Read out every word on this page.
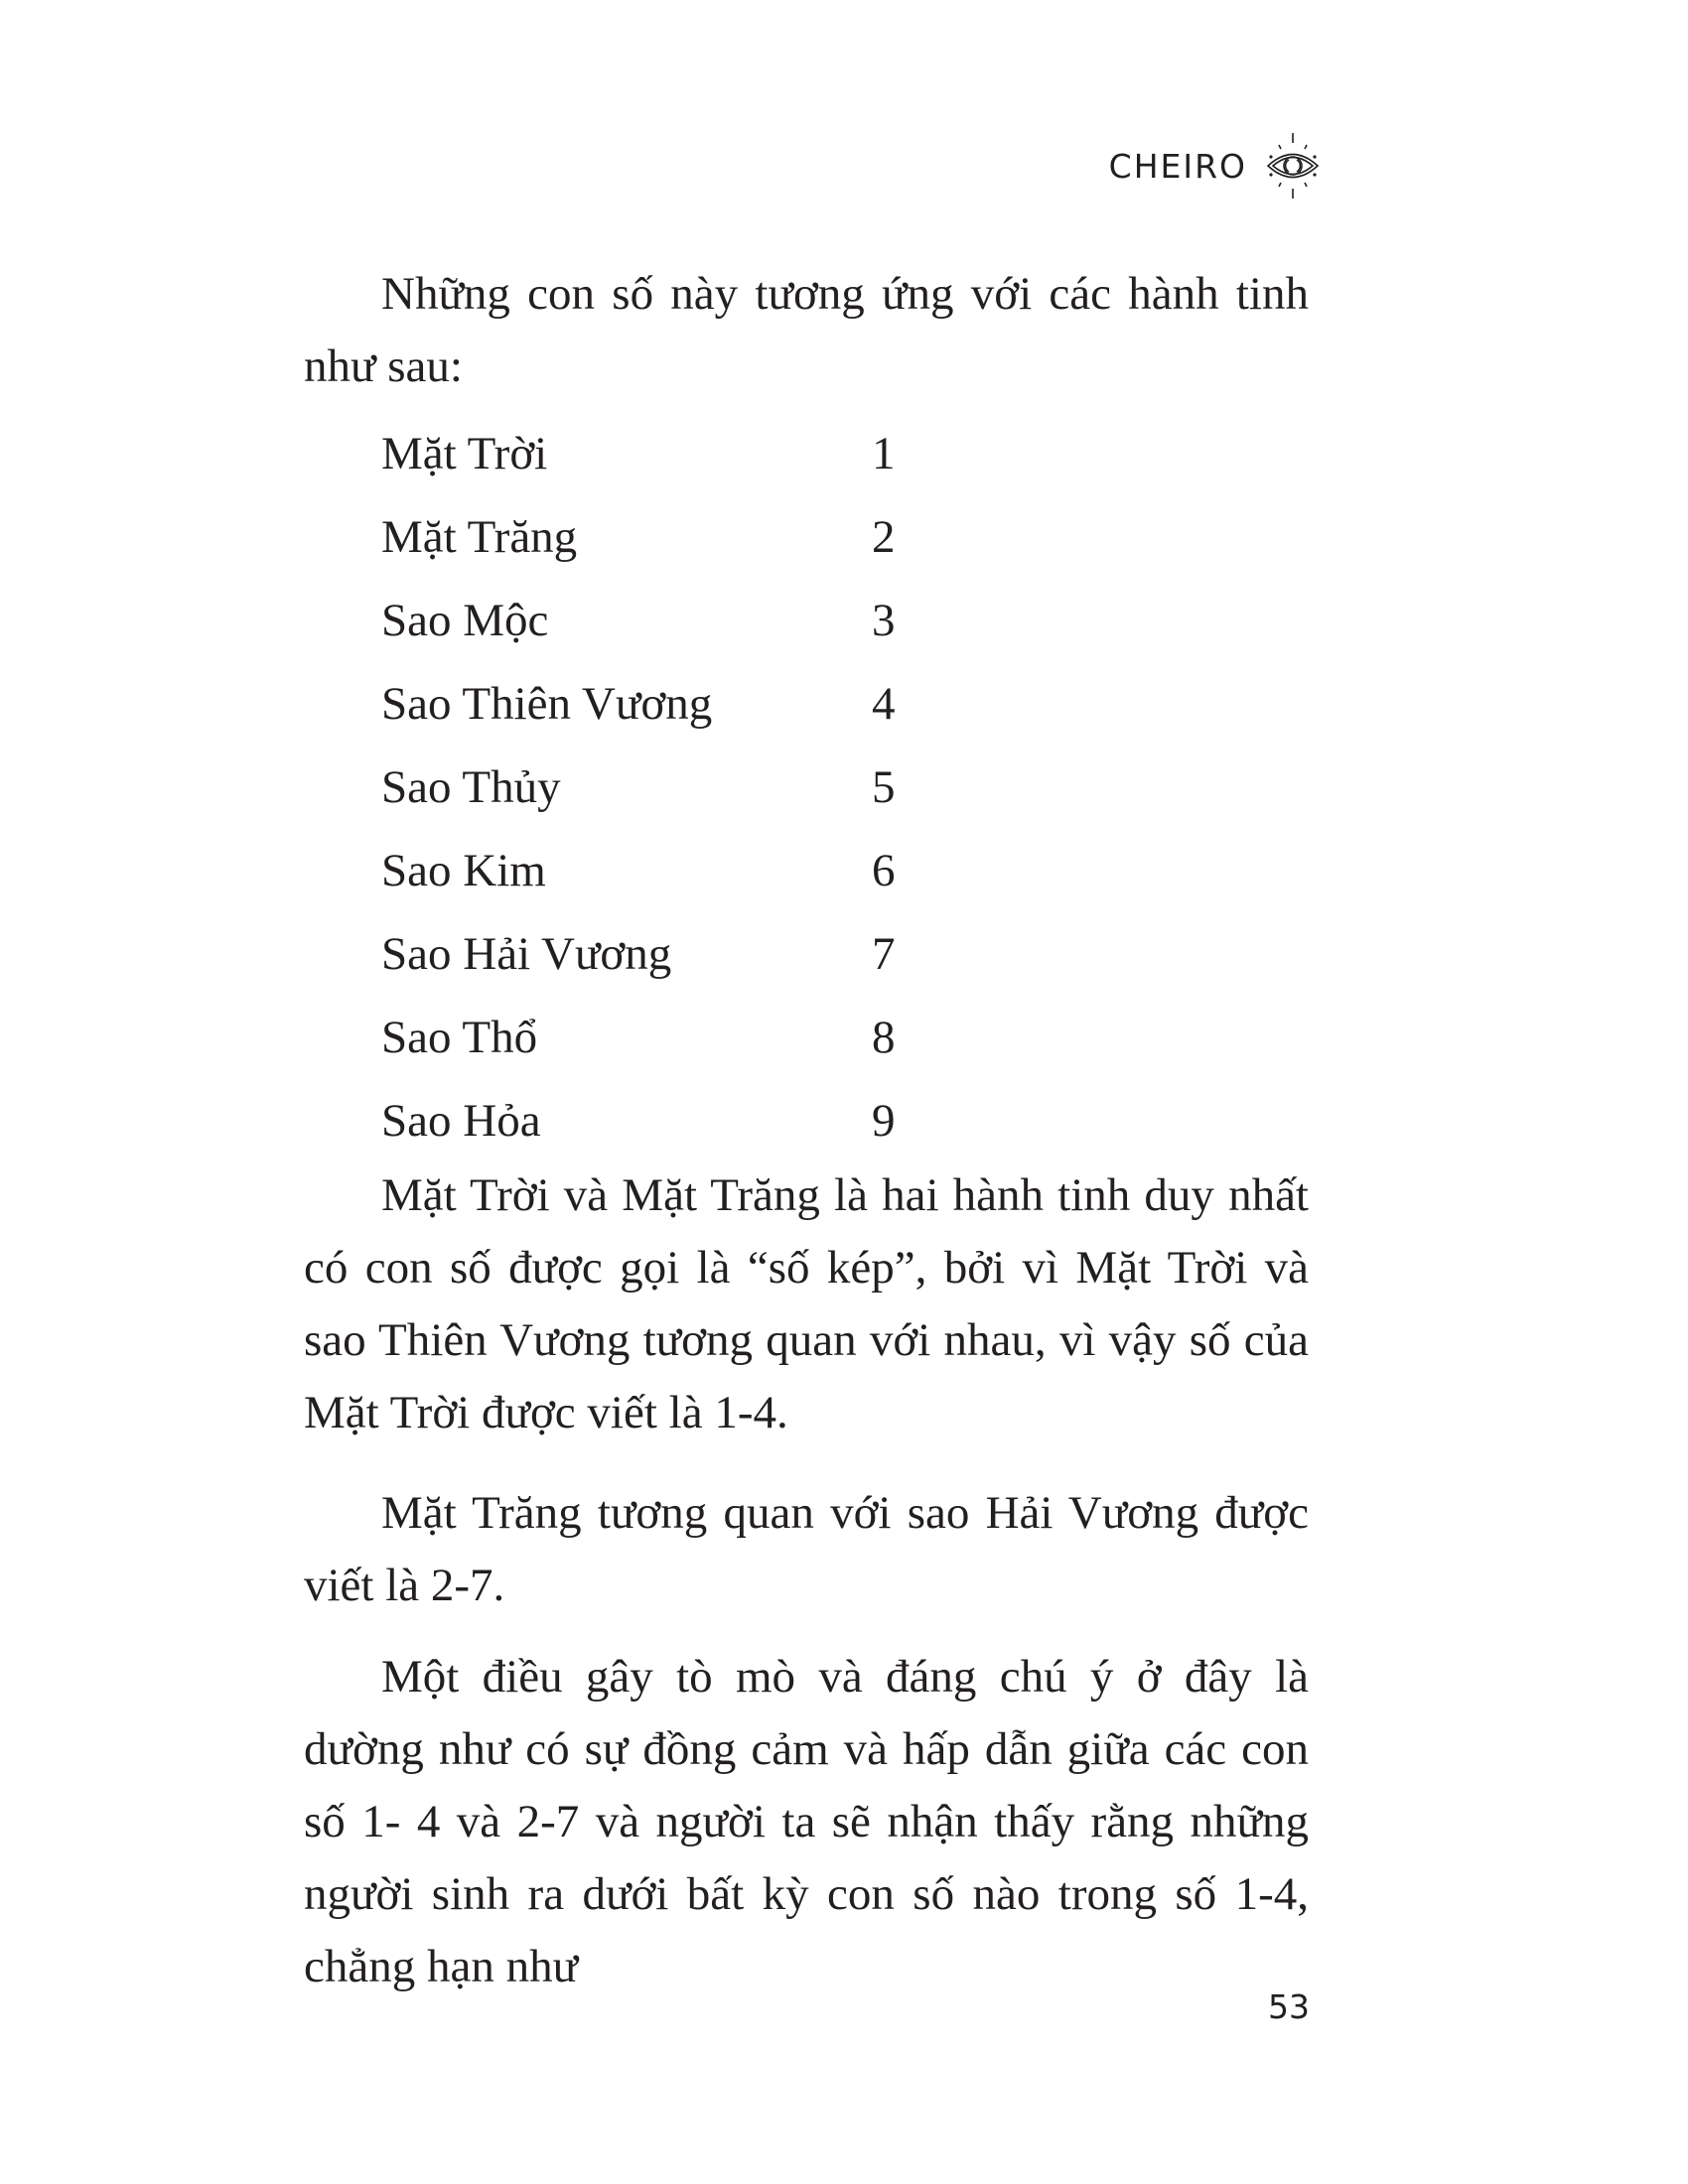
CHEIRO

Những con số này tương ứng với các hành tinh như sau:

Mặt Trời	1
Mặt Trăng	2
Sao Mộc	3
Sao Thiên Vương	4
Sao Thủy	5
Sao Kim	6
Sao Hải Vương	7
Sao Thổ	8
Sao Hỏa	9

Mặt Trời và Mặt Trăng là hai hành tinh duy nhất có con số được gọi là “số kép”, bởi vì Mặt Trời và sao Thiên Vương tương quan với nhau, vì vậy số của Mặt Trời được viết là 1-4.

Mặt Trăng tương quan với sao Hải Vương được viết là 2-7.

Một điều gây tò mò và đáng chú ý ở đây là dường như có sự đồng cảm và hấp dẫn giữa các con số 1- 4 và 2-7 và người ta sẽ nhận thấy rằng những người sinh ra dưới bất kỳ con số nào trong số 1-4, chẳng hạn như

53
